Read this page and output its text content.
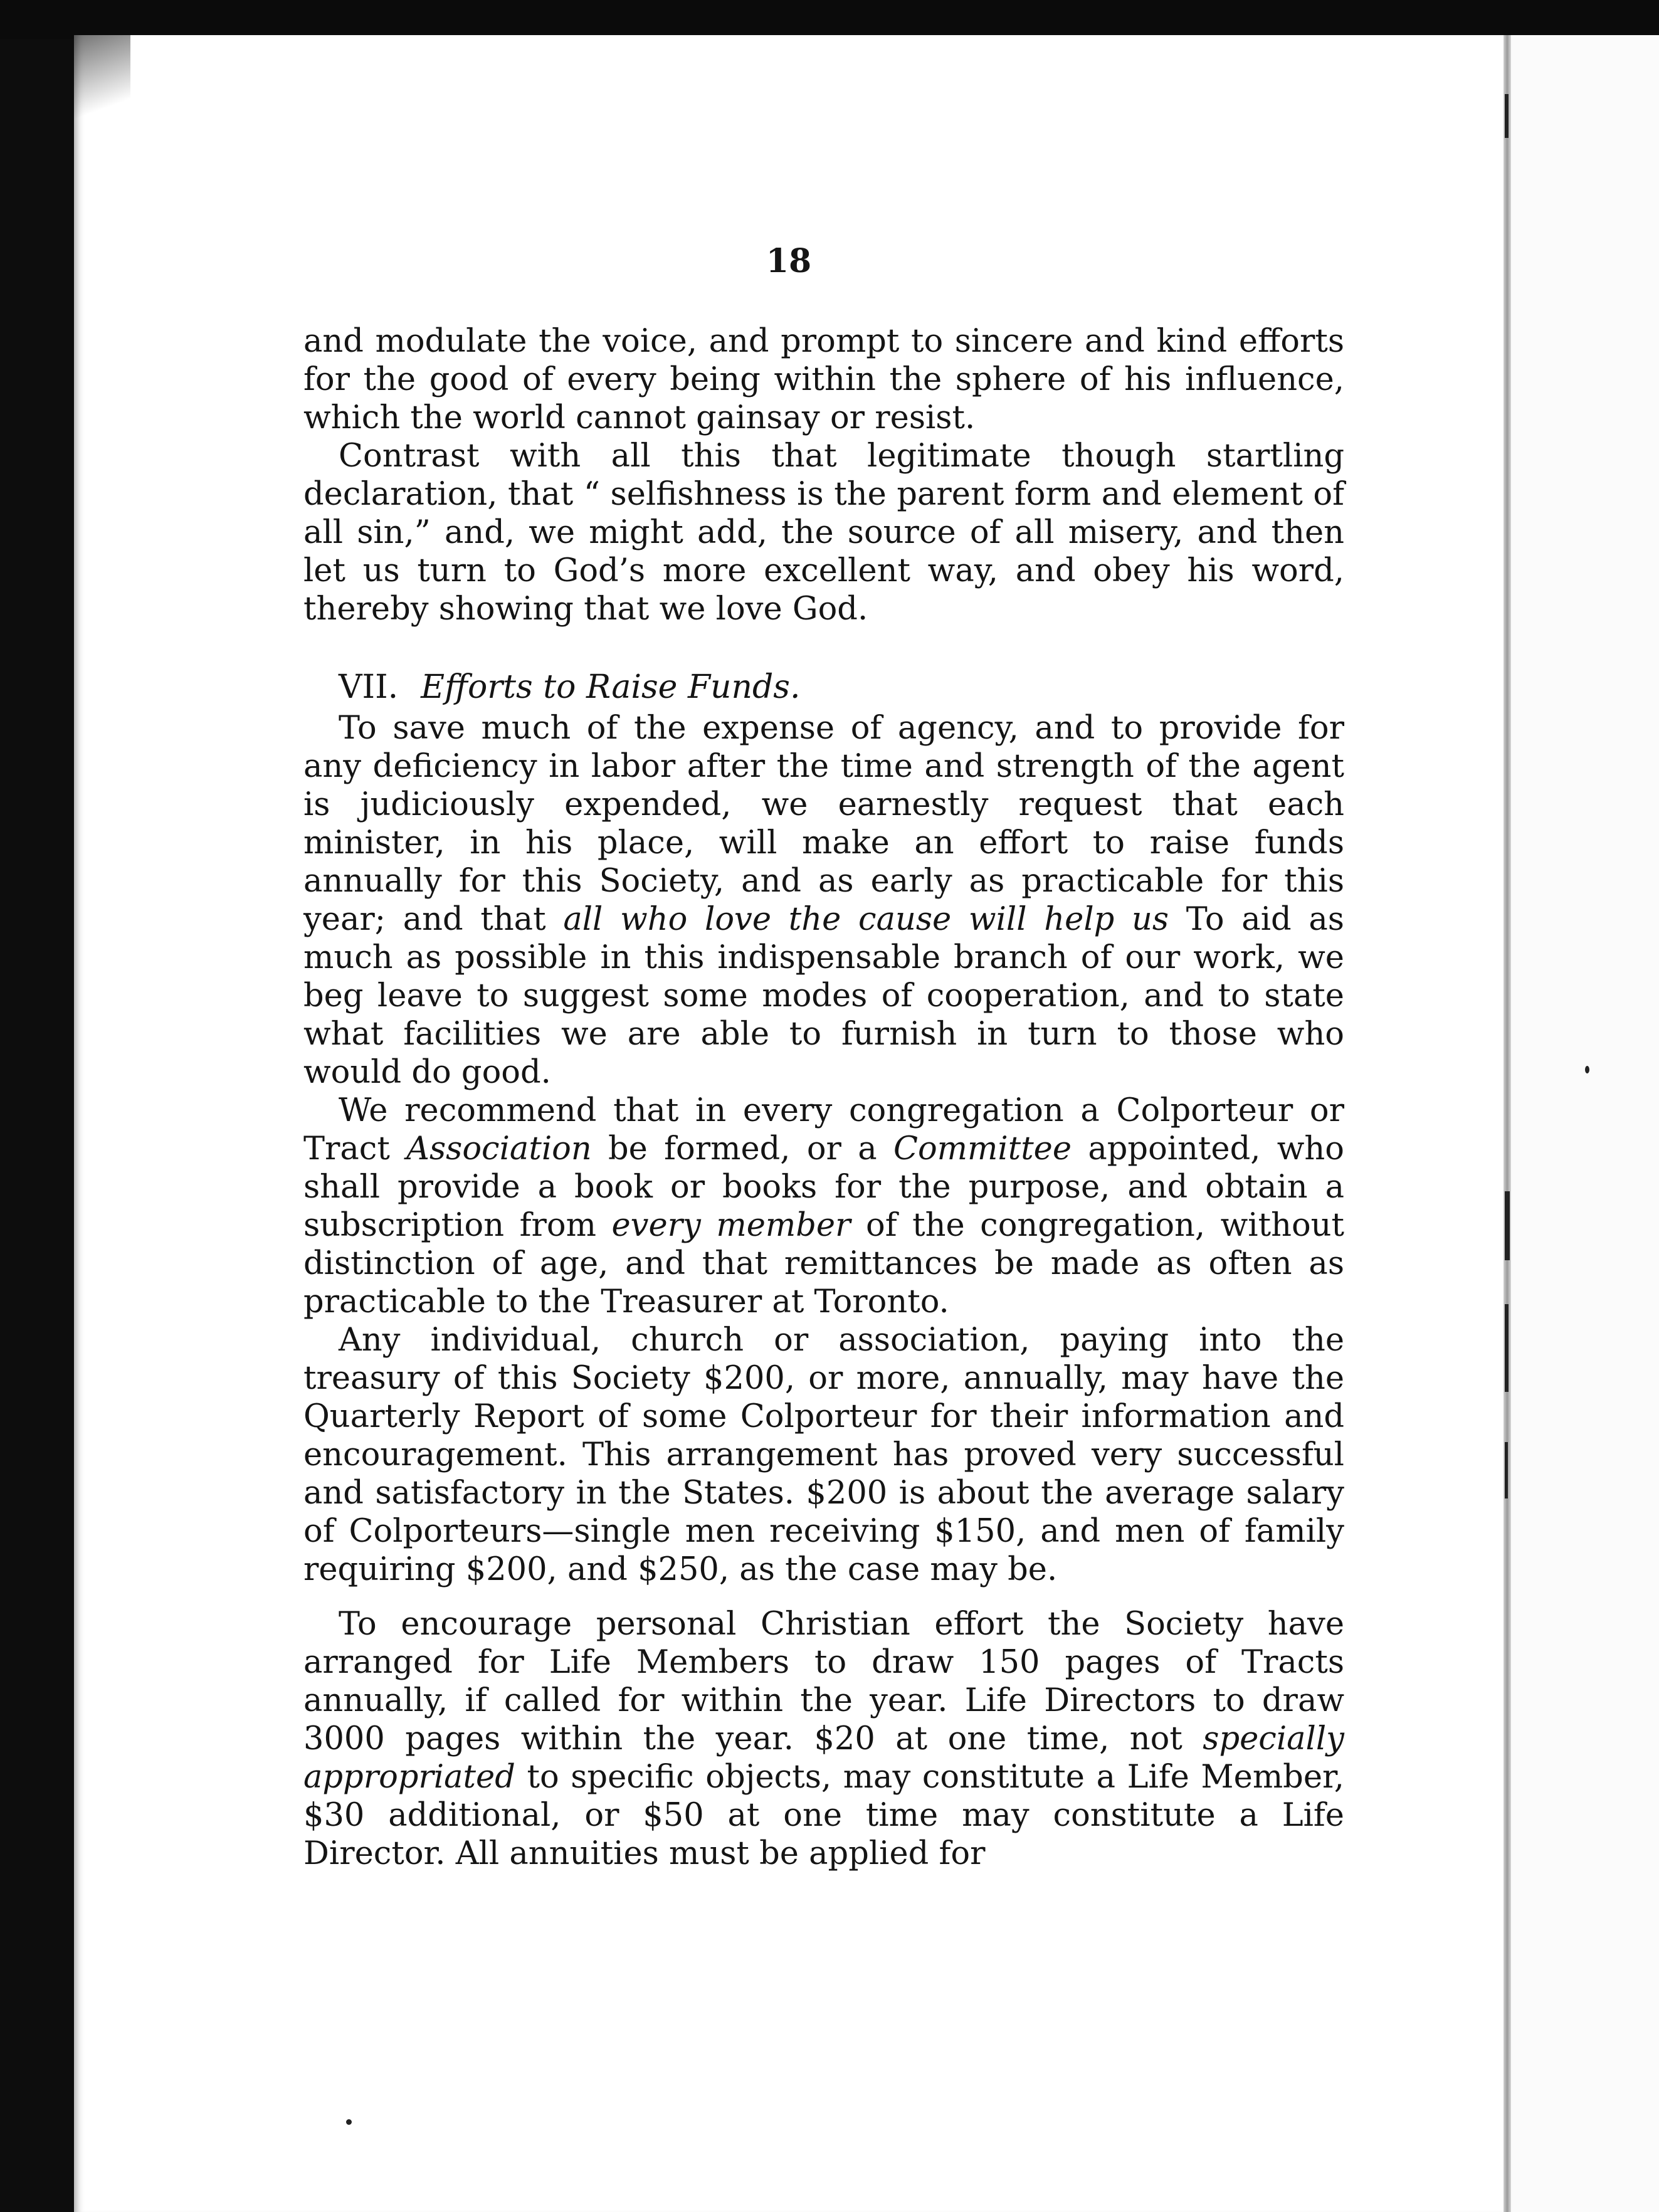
18

and modulate the voice, and prompt to sincere and kind efforts for the good of every being within the sphere of his influence, which the world cannot gainsay or resist.

Contrast with all this that legitimate though startling declaration, that “ selfishness is the parent form and element of all sin,” and, we might add, the source of all misery, and then let us turn to God’s more excellent way, and obey his word, thereby showing that we love God.

VII. Efforts to Raise Funds.

To save much of the expense of agency, and to provide for any deficiency in labor after the time and strength of the agent is judiciously expended, we earnestly request that each minister, in his place, will make an effort to raise funds annually for this Society, and as early as practicable for this year; and that all who love the cause will help us To aid as much as possible in this indispensable branch of our work, we beg leave to suggest some modes of cooperation, and to state what facilities we are able to furnish in turn to those who would do good.

We recommend that in every congregation a Colporteur or Tract Association be formed, or a Committee appointed, who shall provide a book or books for the purpose, and obtain a subscription from every member of the congregation, without distinction of age, and that remittances be made as often as practicable to the Treasurer at Toronto.

Any individual, church or association, paying into the treasury of this Society $200, or more, annually, may have the Quarterly Report of some Colporteur for their information and encouragement. This arrangement has proved very successful and satisfactory in the States. $200 is about the average salary of Colporteurs—single men receiving $150, and men of family requiring $200, and $250, as the case may be.

To encourage personal Christian effort the Society have arranged for Life Members to draw 150 pages of Tracts annually, if called for within the year. Life Directors to draw 3000 pages within the year. $20 at one time, not specially appropriated to specific objects, may constitute a Life Member, $30 additional, or $50 at one time may constitute a Life Director. All annuities must be applied for
